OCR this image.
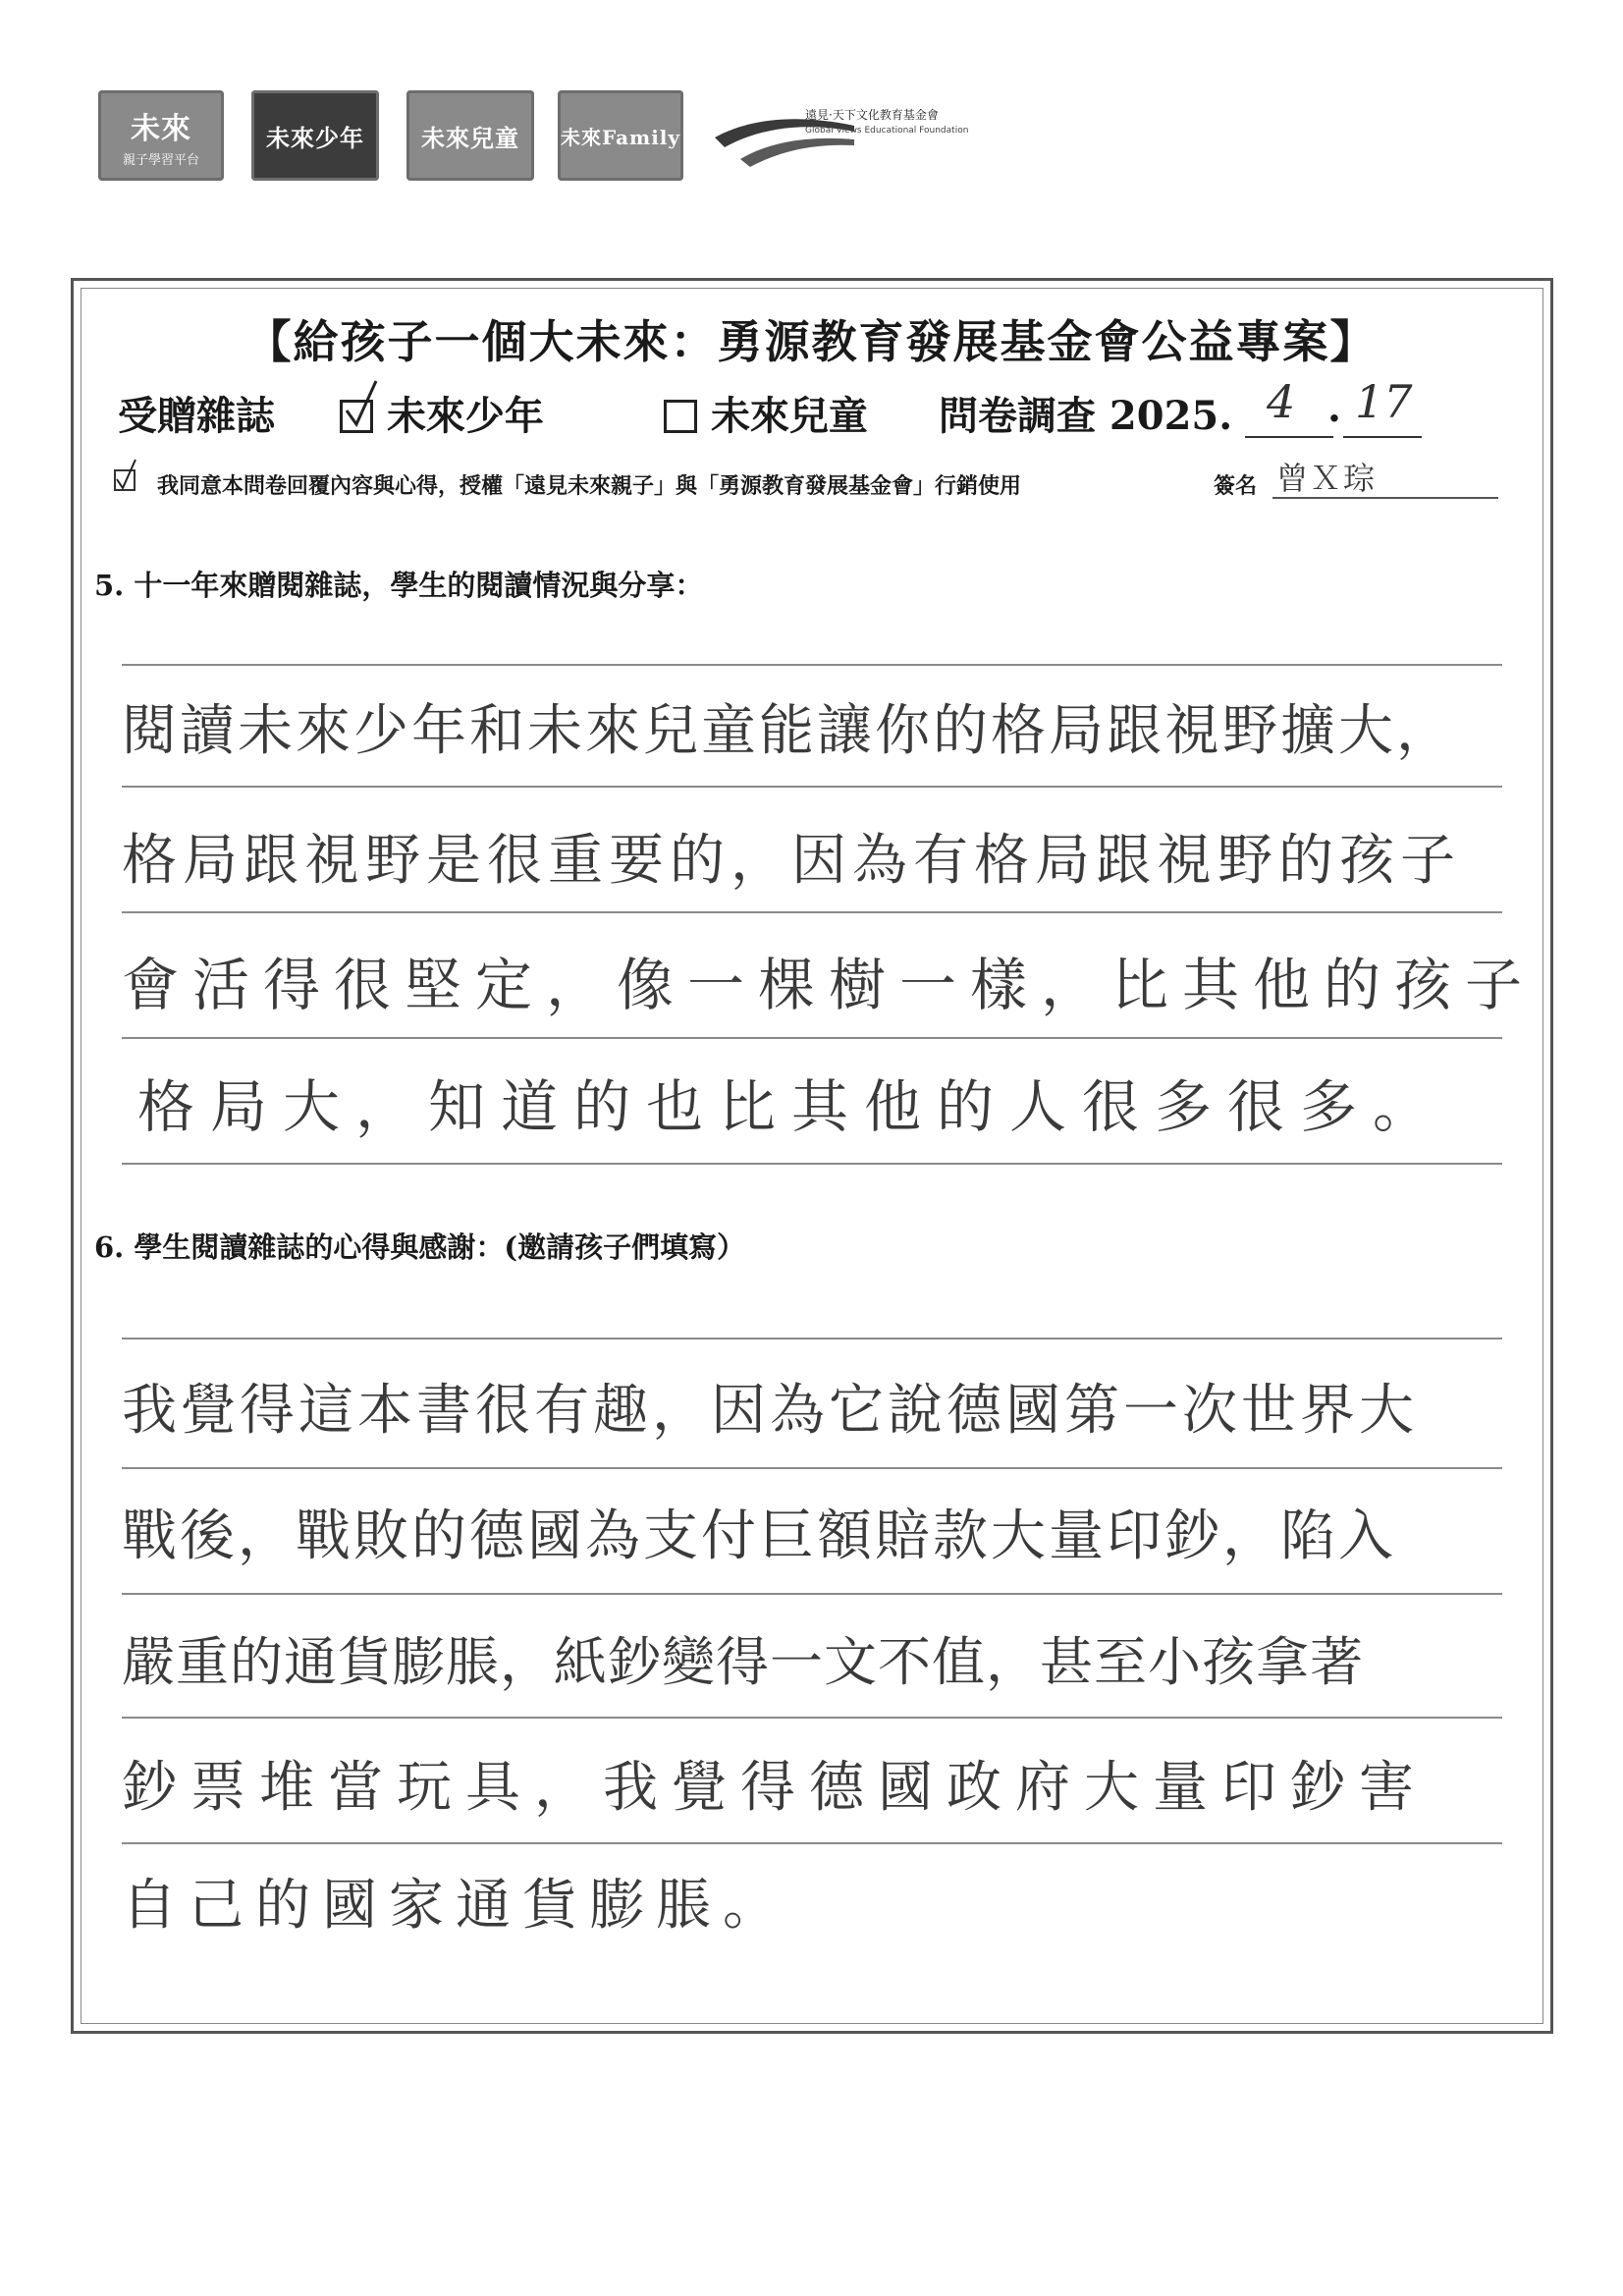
未來
親子學習平台
未來少年 未來兒童 未來Family
遠見·天下文化教育基金會
Global Views Educational Foundation
【給孩子一個大未來：勇源教育發展基金會公益專案】
受贈雜誌	未來少年	未來兒童 問卷調查 2025. 4 . 17
我同意本問卷回覆內容與心得，授權「遠見未來親子」與「勇源教育發展基金會」行銷使用	簽名 曾Ｘ琮
5. 十一年來贈閱雜誌，學生的閱讀情況與分享：
閱讀未來少年和未來兒童能讓你的格局跟視野擴大，
格局跟視野是很重要的，因為有格局跟視野的孩子
會活得很堅定，像一棵樹一樣，比其他的孩子
格局大，知道的也比其他的人很多很多。
6. 學生閱讀雜誌的心得與感謝：(邀請孩子們填寫）
我覺得這本書很有趣，因為它說德國第一次世界大
戰後，戰敗的德國為支付巨額賠款大量印鈔，陷入
嚴重的通貨膨脹，紙鈔變得一文不值，甚至小孩拿著
鈔票堆當玩具，我覺得德國政府大量印鈔害
自己的國家通貨膨脹。
